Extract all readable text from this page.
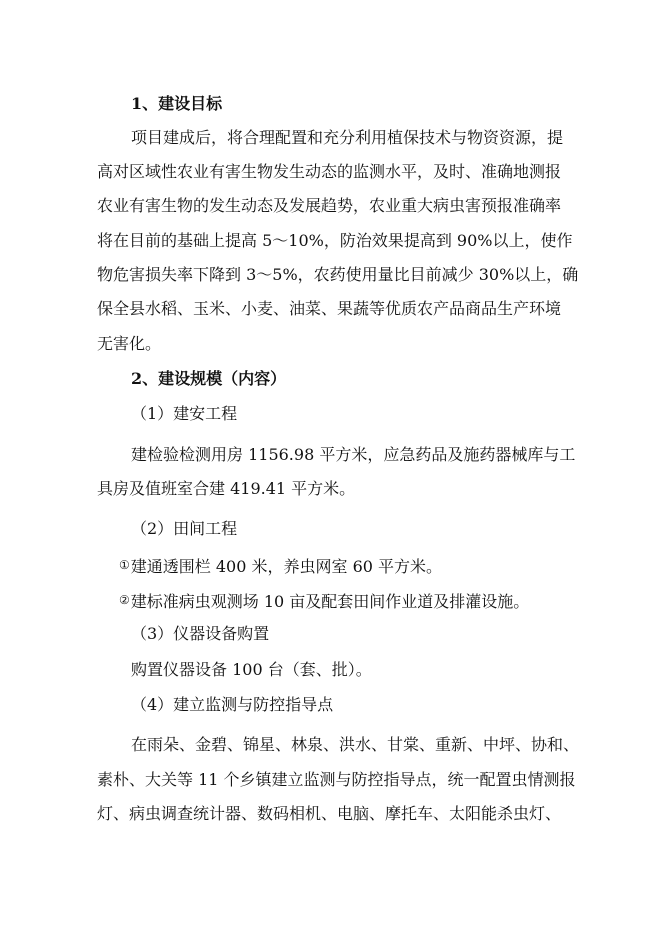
1、建设目标
项目建成后，将合理配置和充分利用植保技术与物资资源，提
高对区域性农业有害生物发生动态的监测水平，及时、准确地测报
农业有害生物的发生动态及发展趋势，农业重大病虫害预报准确率
将在目前的基础上提高 5～10%，防治效果提高到 90%以上，使作
物危害损失率下降到 3～5%，农药使用量比目前减少 30%以上，确
保全县水稻、玉米、小麦、油菜、果蔬等优质农产品商品生产环境
无害化。
2、建设规模（内容）
（1）建安工程
建检验检测用房 1156.98 平方米，应急药品及施药器械库与工
具房及值班室合建 419.41 平方米。
（2）田间工程
①建通透围栏 400 米，养虫网室 60 平方米。
②建标准病虫观测场 10 亩及配套田间作业道及排灌设施。
（3）仪器设备购置
购置仪器设备 100 台（套、批）。
（4）建立监测与防控指导点
在雨朵、金碧、锦星、林泉、洪水、甘棠、重新、中坪、协和、
素朴、大关等 11 个乡镇建立监测与防控指导点，统一配置虫情测报
灯、病虫调查统计器、数码相机、电脑、摩托车、太阳能杀虫灯、
